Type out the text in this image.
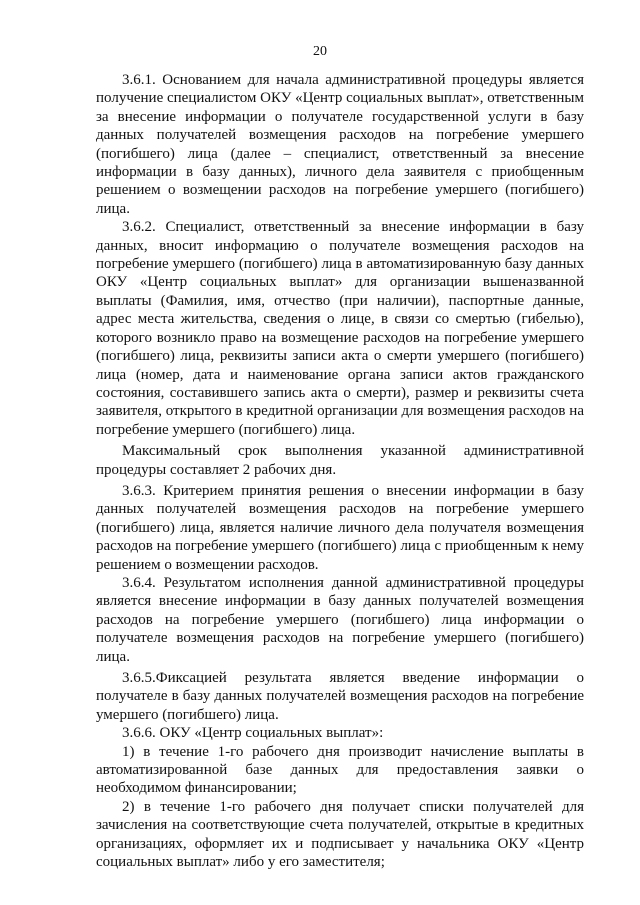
20

3.6.1. Основанием для начала административной процедуры является получение специалистом ОКУ «Центр социальных выплат», ответственным за внесение информации о получателе государственной услуги в базу данных получателей возмещения расходов на погребение умершего (погибшего) лица (далее – специалист, ответственный за внесение информации в базу данных), личного дела заявителя с приобщенным решением о возмещении расходов на погребение умершего (погибшего) лица.

3.6.2. Специалист, ответственный за внесение информации в базу данных, вносит информацию о получателе возмещения расходов на погребение умершего (погибшего) лица в автоматизированную базу данных ОКУ «Центр социальных выплат» для организации вышеназванной выплаты (Фамилия, имя, отчество (при наличии), паспортные данные, адрес места жительства, сведения о лице, в связи со смертью (гибелью), которого возникло право на возмещение расходов на погребение умершего (погибшего) лица, реквизиты записи акта о смерти умершего (погибшего) лица (номер, дата и наименование органа записи актов гражданского состояния, составившего запись акта о смерти), размер и реквизиты счета заявителя, открытого в кредитной организации для возмещения расходов на погребение умершего (погибшего) лица.

Максимальный срок выполнения указанной административной процедуры составляет 2 рабочих дня.

3.6.3. Критерием принятия решения о внесении информации в базу данных получателей возмещения расходов на погребение умершего (погибшего) лица, является наличие личного дела получателя возмещения расходов на погребение умершего (погибшего) лица с приобщенным к нему решением о возмещении расходов.

3.6.4. Результатом исполнения данной административной процедуры является внесение информации в базу данных получателей возмещения расходов на погребение умершего (погибшего) лица информации о получателе возмещения расходов на погребение умершего (погибшего) лица.

3.6.5.Фиксацией результата является введение информации о получателе в базу данных получателей возмещения расходов на погребение умершего (погибшего) лица.

3.6.6. ОКУ «Центр социальных выплат»:

1) в течение 1-го рабочего дня производит начисление выплаты в автоматизированной базе данных для предоставления заявки о необходимом финансировании;

2) в течение 1-го рабочего дня получает списки получателей для зачисления на соответствующие счета получателей, открытые в кредитных организациях, оформляет их и подписывает у начальника ОКУ «Центр социальных выплат» либо у его заместителя;
